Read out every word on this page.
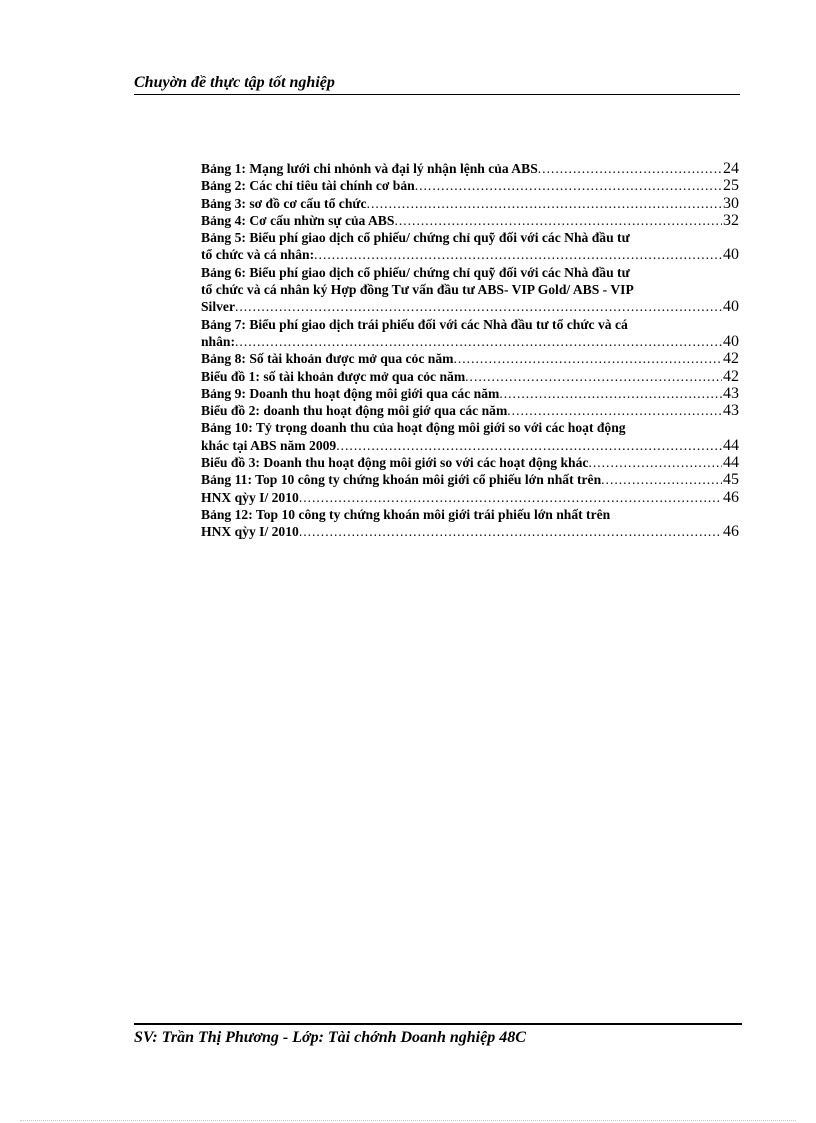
Chuyờn đề thực tập tốt nghiệp
Bảng 1: Mạng lưới chi nhỏnh và đại lý nhận lệnh của ABS .....	24
Bảng 2: Các chỉ tiêu tài chính cơ bản .....	25
Bảng 3: sơ đồ cơ cấu tổ chức .....	30
Bảng 4: Cơ cấu nhừn sự của ABS .....	32
Bảng 5: Biểu phí giao dịch cổ phiếu/ chứng chỉ quỹ đối với các Nhà đầu tư
tổ chức và cá nhân: .....	40
Bảng 6: Biểu phí giao dịch cổ phiếu/ chứng chỉ quỹ đối với các Nhà đầu tư
tổ chức và cá nhân ký Hợp đồng Tư vấn đầu tư ABS- VIP Gold/ ABS - VIP
Silver .....	40
Bảng 7: Biểu phí giao dịch trái phiếu đối với các Nhà đầu tư tổ chức và cá
nhân: .....	40
Bảng 8: Số tài khoản được mở qua cỏc năm .....	42
Biểu đồ 1: số tài khoản được mở qua cỏc năm .....	42
Bảng 9: Doanh thu hoạt động môi giới qua các năm .....	43
Biểu đồ 2: doanh thu hoạt động môi giớ qua các năm .....	43
Bảng 10: Tỷ trọng doanh thu của hoạt động môi giới so với các hoạt động
khác tại ABS năm 2009 .....	44
Biểu đồ 3: Doanh thu hoạt động môi giới so với các hoạt động khác .....	44
Bảng 11: Top 10 công ty chứng khoán môi giới cổ phiếu lớn nhất trên .....	45
HNX qỳy I/ 2010 .....	46
Bảng 12: Top 10 công ty chứng khoán môi giới trái phiếu lớn nhất trên
HNX qỳy I/ 2010 .....	46
SV: Trần Thị Phương - Lớp: Tài chớnh Doanh nghiệp 48C
